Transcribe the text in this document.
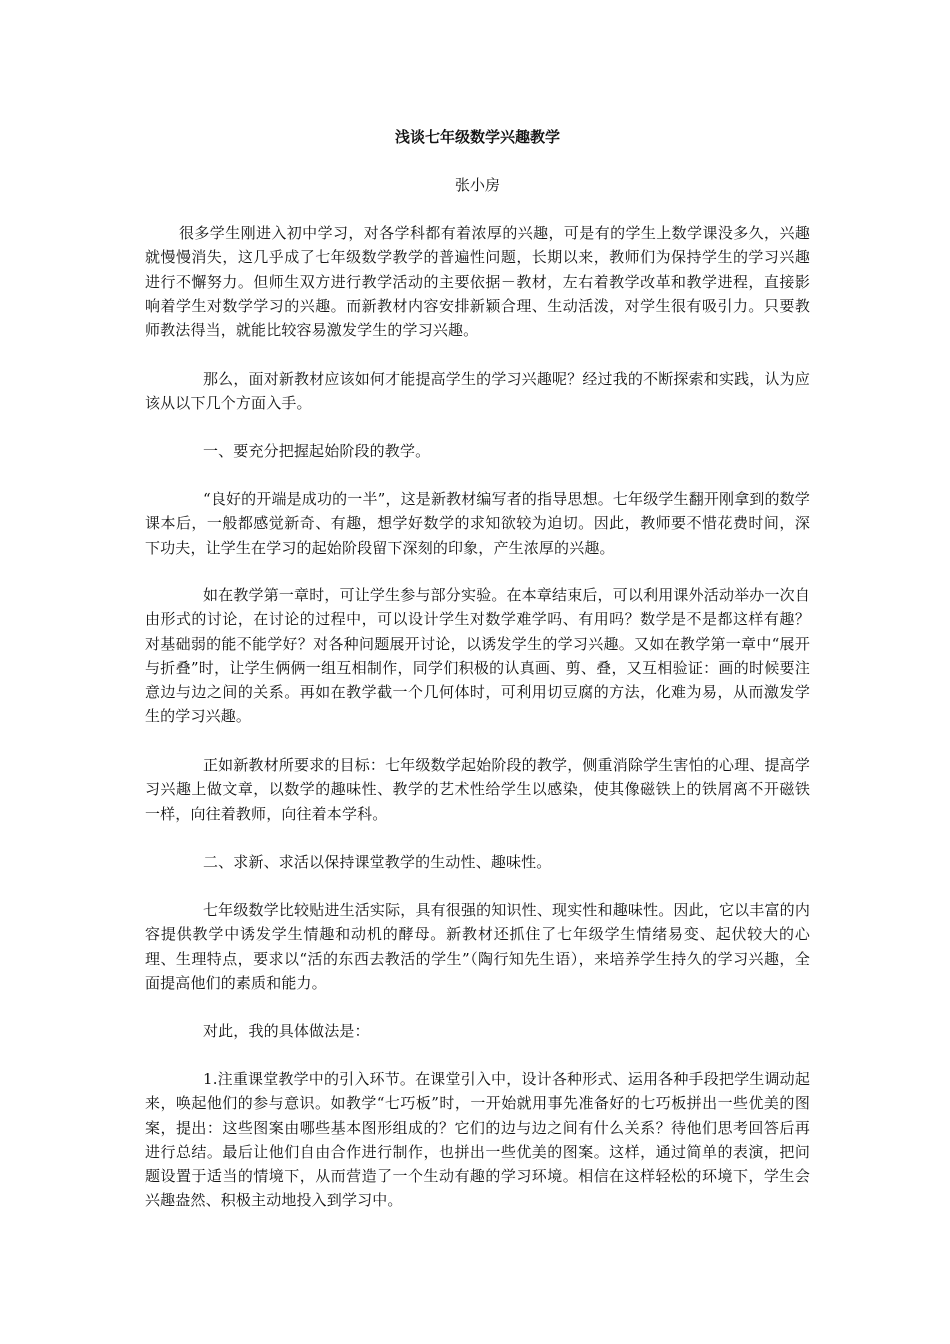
浅谈七年级数学兴趣教学
张小房

很多学生刚进入初中学习，对各学科都有着浓厚的兴趣，可是有的学生上数学课没多久，兴趣就慢慢消失，这几乎成了七年级数学教学的普遍性问题，长期以来，教师们为保持学生的学习兴趣进行不懈努力。但师生双方进行教学活动的主要依据－教材，左右着教学改革和教学进程，直接影响着学生对数学学习的兴趣。而新教材内容安排新颖合理、生动活泼，对学生很有吸引力。只要教师教法得当，就能比较容易激发学生的学习兴趣。

那么，面对新教材应该如何才能提高学生的学习兴趣呢？经过我的不断探索和实践，认为应该从以下几个方面入手。

一、要充分把握起始阶段的教学。

“良好的开端是成功的一半”，这是新教材编写者的指导思想。七年级学生翻开刚拿到的数学课本后，一般都感觉新奇、有趣，想学好数学的求知欲较为迫切。因此，教师要不惜花费时间，深下功夫，让学生在学习的起始阶段留下深刻的印象，产生浓厚的兴趣。

如在教学第一章时，可让学生参与部分实验。在本章结束后，可以利用课外活动举办一次自由形式的讨论，在讨论的过程中，可以设计学生对数学难学吗、有用吗？数学是不是都这样有趣？对基础弱的能不能学好？对各种问题展开讨论，以诱发学生的学习兴趣。又如在教学第一章中“展开与折叠”时，让学生俩俩一组互相制作，同学们积极的认真画、剪、叠，又互相验证：画的时候要注意边与边之间的关系。再如在教学截一个几何体时，可利用切豆腐的方法，化难为易，从而激发学生的学习兴趣。

正如新教材所要求的目标：七年级数学起始阶段的教学，侧重消除学生害怕的心理、提高学习兴趣上做文章，以数学的趣味性、教学的艺术性给学生以感染，使其像磁铁上的铁屑离不开磁铁一样，向往着教师，向往着本学科。

二、求新、求活以保持课堂教学的生动性、趣味性。

七年级数学比较贴进生活实际，具有很强的知识性、现实性和趣味性。因此，它以丰富的内容提供教学中诱发学生情趣和动机的酵母。新教材还抓住了七年级学生情绪易变、起伏较大的心理、生理特点，要求以“活的东西去教活的学生”（陶行知先生语），来培养学生持久的学习兴趣，全面提高他们的素质和能力。

对此，我的具体做法是：

1.注重课堂教学中的引入环节。在课堂引入中，设计各种形式、运用各种手段把学生调动起来，唤起他们的参与意识。如教学“七巧板”时，一开始就用事先准备好的七巧板拼出一些优美的图案，提出：这些图案由哪些基本图形组成的？它们的边与边之间有什么关系？待他们思考回答后再进行总结。最后让他们自由合作进行制作，也拼出一些优美的图案。这样，通过简单的表演，把问题设置于适当的情境下，从而营造了一个生动有趣的学习环境。相信在这样轻松的环境下，学生会兴趣盎然、积极主动地投入到学习中。
